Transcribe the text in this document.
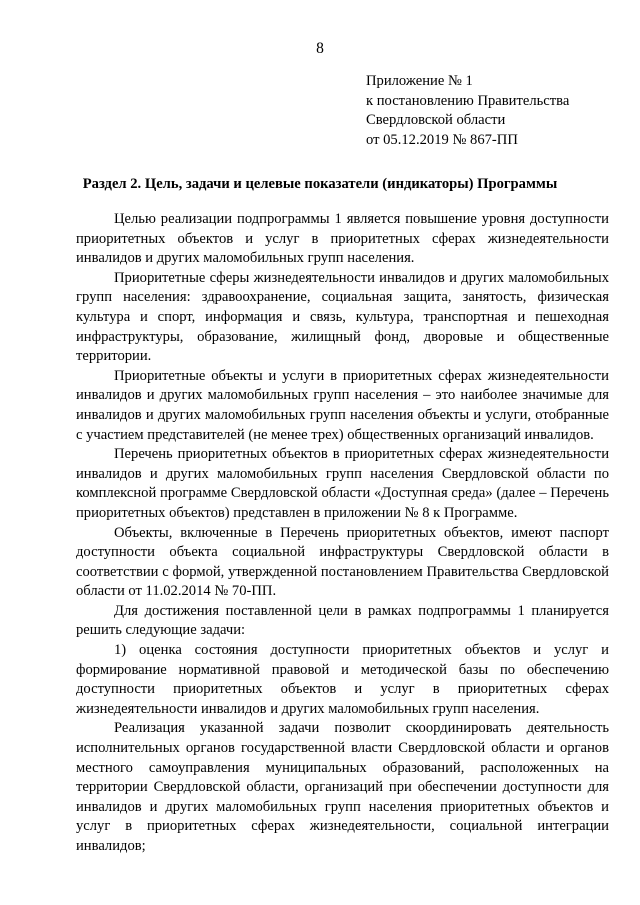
8
Приложение № 1
к постановлению Правительства
Свердловской области
от 05.12.2019 № 867-ПП
Раздел 2. Цель, задачи и целевые показатели (индикаторы) Программы

Целью реализации подпрограммы 1 является повышение уровня доступности приоритетных объектов и услуг в приоритетных сферах жизнедеятельности инвалидов и других маломобильных групп населения.

Приоритетные сферы жизнедеятельности инвалидов и других маломобильных групп населения: здравоохранение, социальная защита, занятость, физическая культура и спорт, информация и связь, культура, транспортная и пешеходная инфраструктуры, образование, жилищный фонд, дворовые и общественные территории.

Приоритетные объекты и услуги в приоритетных сферах жизнедеятельности инвалидов и других маломобильных групп населения – это наиболее значимые для инвалидов и других маломобильных групп населения объекты и услуги, отобранные с участием представителей (не менее трех) общественных организаций инвалидов.

Перечень приоритетных объектов в приоритетных сферах жизнедеятельности инвалидов и других маломобильных групп населения Свердловской области по комплексной программе Свердловской области «Доступная среда» (далее – Перечень приоритетных объектов) представлен в приложении № 8 к Программе.

Объекты, включенные в Перечень приоритетных объектов, имеют паспорт доступности объекта социальной инфраструктуры Свердловской области в соответствии с формой, утвержденной постановлением Правительства Свердловской области от 11.02.2014 № 70-ПП.

Для достижения поставленной цели в рамках подпрограммы 1 планируется решить следующие задачи:

1) оценка состояния доступности приоритетных объектов и услуг и формирование нормативной правовой и методической базы по обеспечению доступности приоритетных объектов и услуг в приоритетных сферах жизнедеятельности инвалидов и других маломобильных групп населения.

Реализация указанной задачи позволит скоординировать деятельность исполнительных органов государственной власти Свердловской области и органов местного самоуправления муниципальных образований, расположенных на территории Свердловской области, организаций при обеспечении доступности для инвалидов и других маломобильных групп населения приоритетных объектов и услуг в приоритетных сферах жизнедеятельности, социальной интеграции инвалидов;
